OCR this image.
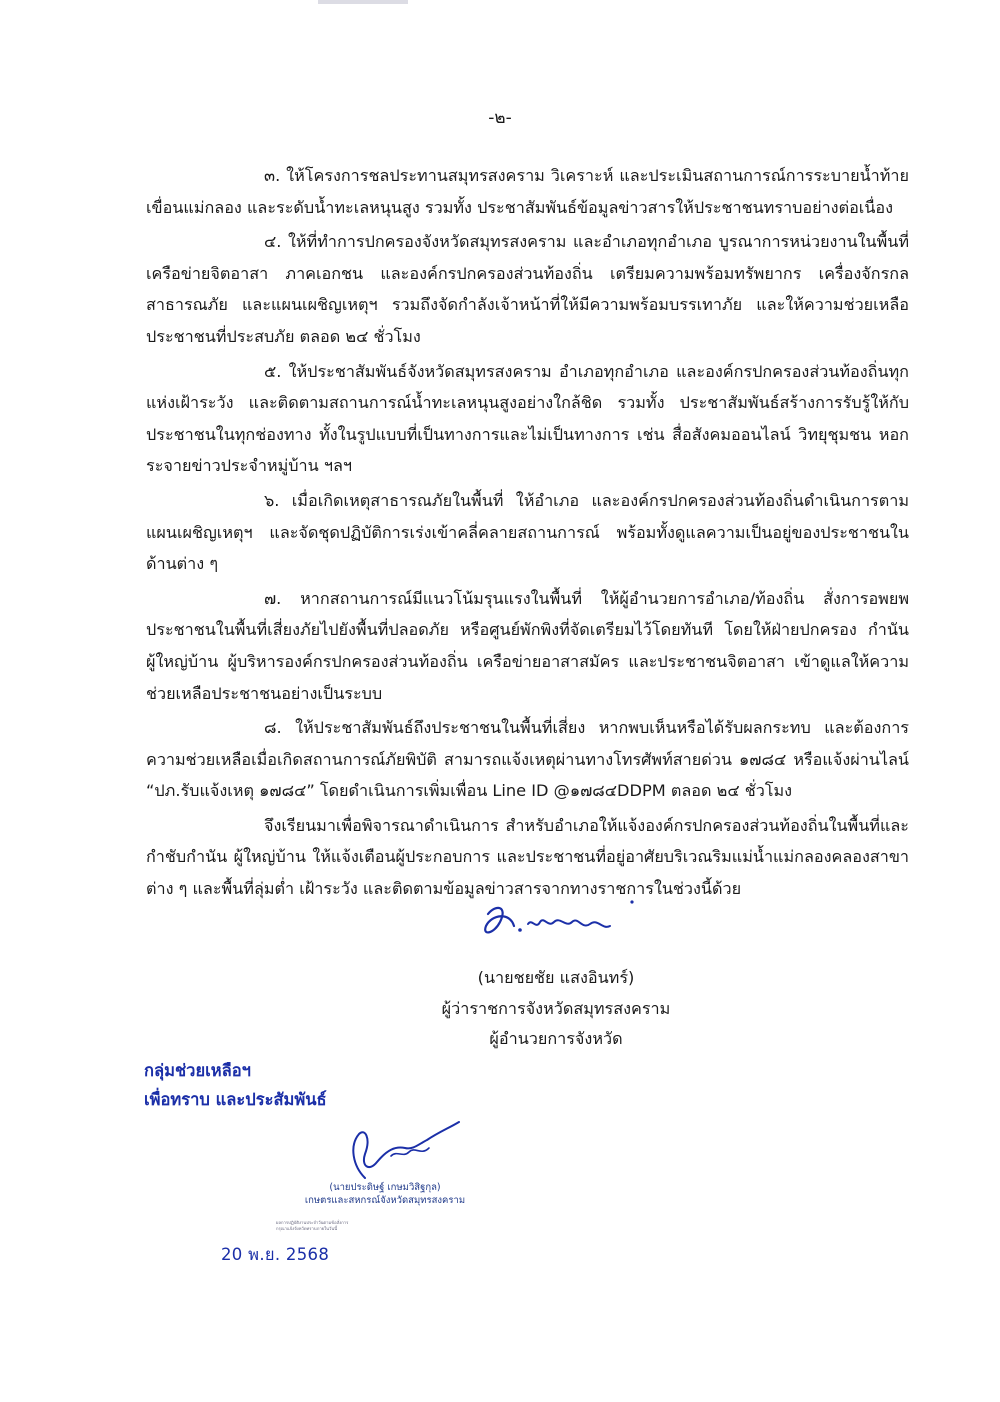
-๒-

๓. ให้โครงการชลประทานสมุทรสงคราม วิเคราะห์ และประเมินสถานการณ์การระบายน้ำท้ายเขื่อนแม่กลอง และระดับน้ำทะเลหนุนสูง รวมทั้ง ประชาสัมพันธ์ข้อมูลข่าวสารให้ประชาชนทราบอย่างต่อเนื่อง

๔. ให้ที่ทำการปกครองจังหวัดสมุทรสงคราม และอำเภอทุกอำเภอ บูรณาการหน่วยงานในพื้นที่ เครือข่ายจิตอาสา ภาคเอกชน และองค์กรปกครองส่วนท้องถิ่น เตรียมความพร้อมทรัพยากร เครื่องจักรกลสาธารณภัย และแผนเผชิญเหตุฯ รวมถึงจัดกำลังเจ้าหน้าที่ให้มีความพร้อมบรรเทาภัย และให้ความช่วยเหลือประชาชนที่ประสบภัย ตลอด ๒๔ ชั่วโมง

๕. ให้ประชาสัมพันธ์จังหวัดสมุทรสงคราม อำเภอทุกอำเภอ และองค์กรปกครองส่วนท้องถิ่นทุกแห่งเฝ้าระวัง และติดตามสถานการณ์น้ำทะเลหนุนสูงอย่างใกล้ชิด รวมทั้ง ประชาสัมพันธ์สร้างการรับรู้ให้กับประชาชนในทุกช่องทาง ทั้งในรูปแบบที่เป็นทางการและไม่เป็นทางการ เช่น สื่อสังคมออนไลน์ วิทยุชุมชน หอกระจายข่าวประจำหมู่บ้าน ฯลฯ

๖. เมื่อเกิดเหตุสาธารณภัยในพื้นที่ ให้อำเภอ และองค์กรปกครองส่วนท้องถิ่นดำเนินการตามแผนเผชิญเหตุฯ และจัดชุดปฏิบัติการเร่งเข้าคลี่คลายสถานการณ์ พร้อมทั้งดูแลความเป็นอยู่ของประชาชนในด้านต่าง ๆ

๗. หากสถานการณ์มีแนวโน้มรุนแรงในพื้นที่ ให้ผู้อำนวยการอำเภอ/ท้องถิ่น สั่งการอพยพประชาชนในพื้นที่เสี่ยงภัยไปยังพื้นที่ปลอดภัย หรือศูนย์พักพิงที่จัดเตรียมไว้โดยทันที โดยให้ฝ่ายปกครอง กำนัน ผู้ใหญ่บ้าน ผู้บริหารองค์กรปกครองส่วนท้องถิ่น เครือข่ายอาสาสมัคร และประชาชนจิตอาสา เข้าดูแลให้ความช่วยเหลือประชาชนอย่างเป็นระบบ

๘. ให้ประชาสัมพันธ์ถึงประชาชนในพื้นที่เสี่ยง หากพบเห็นหรือได้รับผลกระทบ และต้องการความช่วยเหลือเมื่อเกิดสถานการณ์ภัยพิบัติ สามารถแจ้งเหตุผ่านทางโทรศัพท์สายด่วน ๑๗๘๔ หรือแจ้งผ่านไลน์ “ปภ.รับแจ้งเหตุ ๑๗๘๔” โดยดำเนินการเพิ่มเพื่อน Line ID @๑๗๘๔DDPM ตลอด ๒๔ ชั่วโมง

จึงเรียนมาเพื่อพิจารณาดำเนินการ สำหรับอำเภอให้แจ้งองค์กรปกครองส่วนท้องถิ่นในพื้นที่และกำชับกำนัน ผู้ใหญ่บ้าน ให้แจ้งเตือนผู้ประกอบการ และประชาชนที่อยู่อาศัยบริเวณริมแม่น้ำแม่กลองคลองสาขาต่าง ๆ และพื้นที่ลุ่มต่ำ เฝ้าระวัง และติดตามข้อมูลข่าวสารจากทางราชการในช่วงนี้ด้วย

(นายชยชัย แสงอินทร์)
ผู้ว่าราชการจังหวัดสมุทรสงคราม
ผู้อำนวยการจังหวัด
กลุ่มช่วยเหลือฯ
เพื่อทราบ และประสัมพันธ์
(นายประดิษฐ์ เกษมวิสิฐกุล)
เกษตรและสหกรณ์จังหวัดสมุทรสงคราม
ผลการปฏิบัติงานประจำวันตามข้อสั่งการ
กรุณาแจ้งจังหวัดทราบภายในวันนี้
20 พ.ย. 2568
